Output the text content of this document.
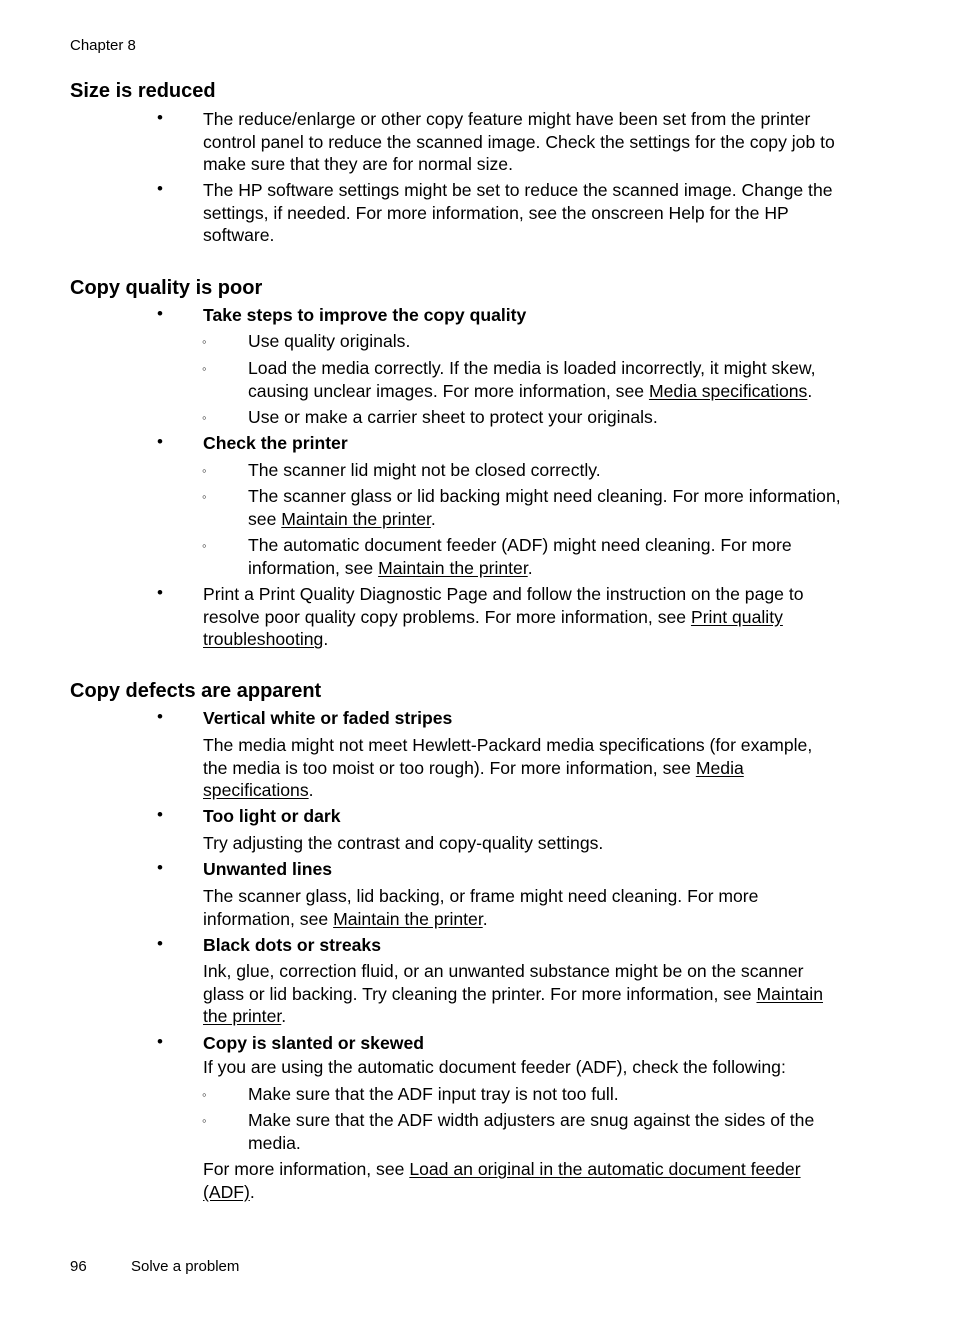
Chapter 8
Size is reduced
• The reduce/enlarge or other copy feature might have been set from the printer
control panel to reduce the scanned image. Check the settings for the copy job to
make sure that they are for normal size.
• The HP software settings might be set to reduce the scanned image. Change the
settings, if needed. For more information, see the onscreen Help for the HP
software.
Copy quality is poor
• Take steps to improve the copy quality
◦ Use quality originals.
◦ Load the media correctly. If the media is loaded incorrectly, it might skew,
causing unclear images. For more information, see Media specifications.
◦ Use or make a carrier sheet to protect your originals.
• Check the printer
◦ The scanner lid might not be closed correctly.
◦ The scanner glass or lid backing might need cleaning. For more information,
see Maintain the printer.
◦ The automatic document feeder (ADF) might need cleaning. For more
information, see Maintain the printer.
• Print a Print Quality Diagnostic Page and follow the instruction on the page to
resolve poor quality copy problems. For more information, see Print quality
troubleshooting.
Copy defects are apparent
• Vertical white or faded stripes
The media might not meet Hewlett-Packard media specifications (for example,
the media is too moist or too rough). For more information, see Media
specifications.
• Too light or dark
Try adjusting the contrast and copy-quality settings.
• Unwanted lines
The scanner glass, lid backing, or frame might need cleaning. For more
information, see Maintain the printer.
• Black dots or streaks
Ink, glue, correction fluid, or an unwanted substance might be on the scanner
glass or lid backing. Try cleaning the printer. For more information, see Maintain
the printer.
• Copy is slanted or skewed
If you are using the automatic document feeder (ADF), check the following:
◦ Make sure that the ADF input tray is not too full.
◦ Make sure that the ADF width adjusters are snug against the sides of the
media.
For more information, see Load an original in the automatic document feeder
(ADF).
96	Solve a problem
